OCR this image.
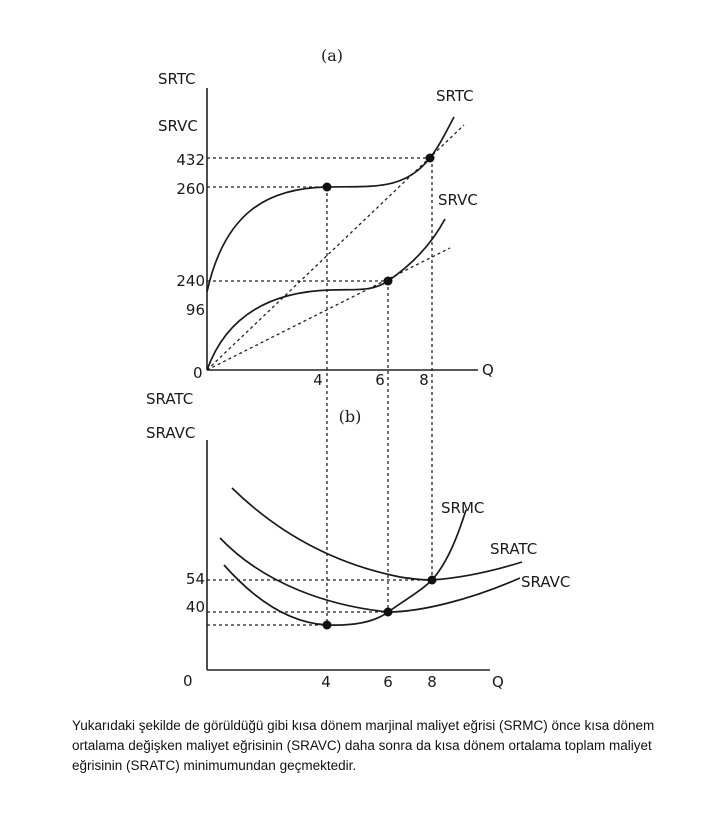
(a)
(b)
SRTC
SRVC
SRATC
SRAVC
Q
0
Q
0
4	6 8
432
260
240
96
4	6 8
54
40
SRTC
SRVC
SRMC
SRATC
SRAVC
Yukarıdaki şekilde de görüldüğü gibi kısa dönem marjinal maliyet eğrisi (SRMC) önce kısa dönem ortalama değişken maliyet eğrisinin (SRAVC) daha sonra da kısa dönem ortalama toplam maliyet eğrisinin (SRATC) minimumundan geçmektedir.
